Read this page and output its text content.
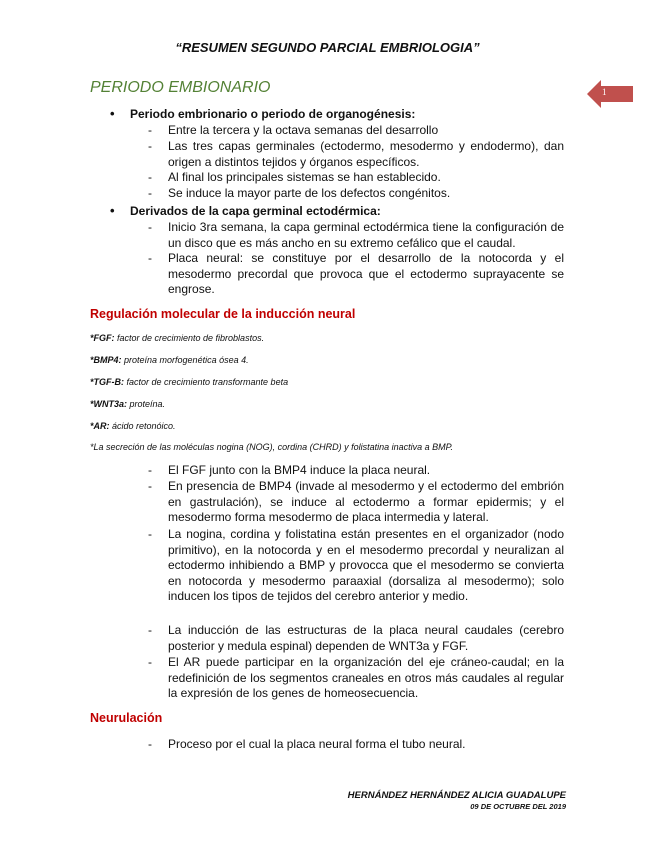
“RESUMEN SEGUNDO PARCIAL EMBRIOLOGIA”
PERIODO EMBIONARIO	1
• Periodo embrionario o periodo de organogénesis:
- Entre la tercera y la octava semanas del desarrollo
- Las tres capas germinales (ectodermo, mesodermo y endodermo), dan origen a distintos tejidos y órganos específicos.
- Al final los principales sistemas se han establecido.
- Se induce la mayor parte de los defectos congénitos.
• Derivados de la capa germinal ectodérmica:
- Inicio 3ra semana, la capa germinal ectodérmica tiene la configuración de un disco que es más ancho en su extremo cefálico que el caudal.
- Placa neural: se constituye por el desarrollo de la notocorda y el mesodermo precordal que provoca que el ectodermo suprayacente se engrose.
Regulación molecular de la inducción neural

*FGF: factor de crecimiento de fibroblastos.

*BMP4: proteína morfogenética ósea 4.

*TGF-B: factor de crecimiento transformante beta

*WNT3a: proteína.

*AR: ácido retonóico.

*La secreción de las moléculas nogina (NOG), cordina (CHRD) y folistatina inactiva a BMP.

- El FGF junto con la BMP4 induce la placa neural.
- En presencia de BMP4 (invade al mesodermo y el ectodermo del embrión en gastrulación), se induce al ectodermo a formar epidermis; y el mesodermo forma mesodermo de placa intermedia y lateral.
- La nogina, cordina y folistatina están presentes en el organizador (nodo primitivo), en la notocorda y en el mesodermo precordal y neuralizan al ectodermo inhibiendo a BMP y provocca que el mesodermo se convierta en notocorda y mesodermo paraaxial (dorsaliza al mesodermo); solo inducen los tipos de tejidos del cerebro anterior y medio.
- La inducción de las estructuras de la placa neural caudales (cerebro posterior y medula espinal) dependen de WNT3a y FGF.
- El AR puede participar en la organización del eje cráneo-caudal; en la redefinición de los segmentos craneales en otros más caudales al regular la expresión de los genes de homeosecuencia.
Neurulación
- Proceso por el cual la placa neural forma el tubo neural.

HERNÁNDEZ HERNÁNDEZ ALICIA GUADALUPE

09 DE OCTUBRE DEL 2019
